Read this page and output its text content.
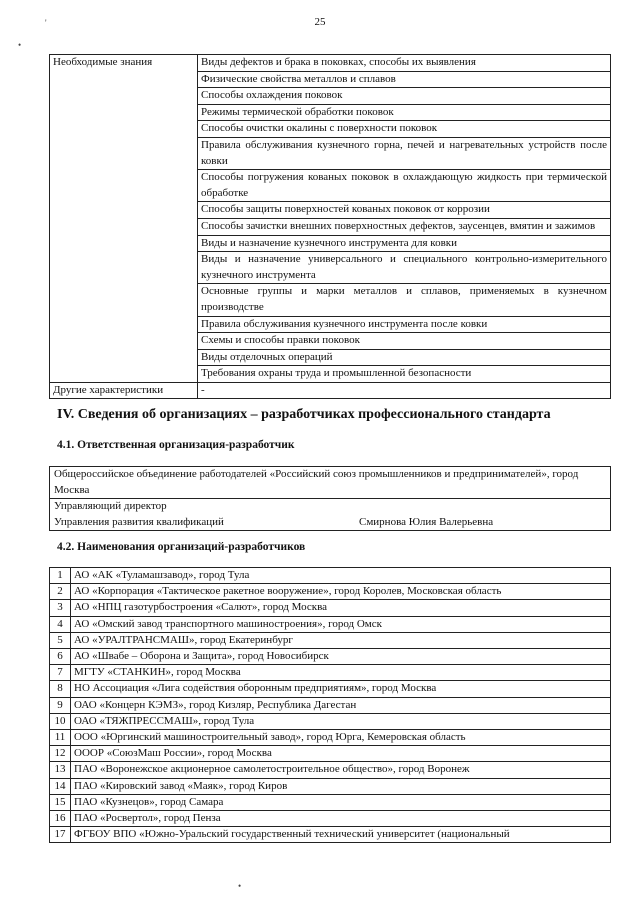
25
'
•
•
Необходимые знания	Виды дефектов и брака в поковках, способы их выявления
	Физические свойства металлов и сплавов
	Способы охлаждения поковок
	Режимы термической обработки поковок
	Способы очистки окалины с поверхности поковок
	Правила обслуживания кузнечного горна, печей и нагревательных устройств после ковки
	Способы погружения кованых поковок в охлаждающую жидкость при термической обработке
	Способы защиты поверхностей кованых поковок от коррозии
	Способы зачистки внешних поверхностных дефектов, заусенцев, вмятин и зажимов
	Виды и назначение кузнечного инструмента для ковки
	Виды и назначение универсального и специального контрольно-измерительного кузнечного инструмента
	Основные группы и марки металлов и сплавов, применяемых в кузнечном производстве
	Правила обслуживания кузнечного инструмента после ковки
	Схемы и способы правки поковок
	Виды отделочных операций
	Требования охраны труда и промышленной безопасности
Другие характеристики	-
IV. Сведения об организациях – разработчиках профессионального стандарта
4.1. Ответственная организация-разработчик
Общероссийское объединение работодателей «Российский союз промышленников и предпринимателей», город Москва

Управляющий директор
Управления развития квалификаций	Смирнова Юлия Валерьевна
4.2. Наименования организаций-разработчиков
1	АО «АК «Туламашзавод», город Тула
2	АО «Корпорация «Тактическое ракетное вооружение», город Королев, Московская область
3	АО «НПЦ газотурбостроения «Салют», город Москва
4	АО «Омский завод транспортного машиностроения», город Омск
5	АО «УРАЛТРАНСМАШ», город Екатеринбург
6	АО «Швабе – Оборона и Защита», город Новосибирск
7	МГТУ «СТАНКИН», город Москва
8	НО Ассоциация «Лига содействия оборонным предприятиям», город Москва
9	ОАО «Концерн КЭМЗ», город Кизляр, Республика Дагестан
10	ОАО «ТЯЖПРЕССМАШ», город Тула
11	ООО «Юргинский машиностроительный завод», город Юрга, Кемеровская область
12	ОООР «СоюзМаш России», город Москва
13	ПАО «Воронежское акционерное самолетостроительное общество», город Воронеж
14	ПАО «Кировский завод «Маяк», город Киров
15	ПАО «Кузнецов», город Самара
16	ПАО «Росвертол», город Пенза
17	ФГБОУ ВПО «Южно-Уральский государственный технический университет (национальный
